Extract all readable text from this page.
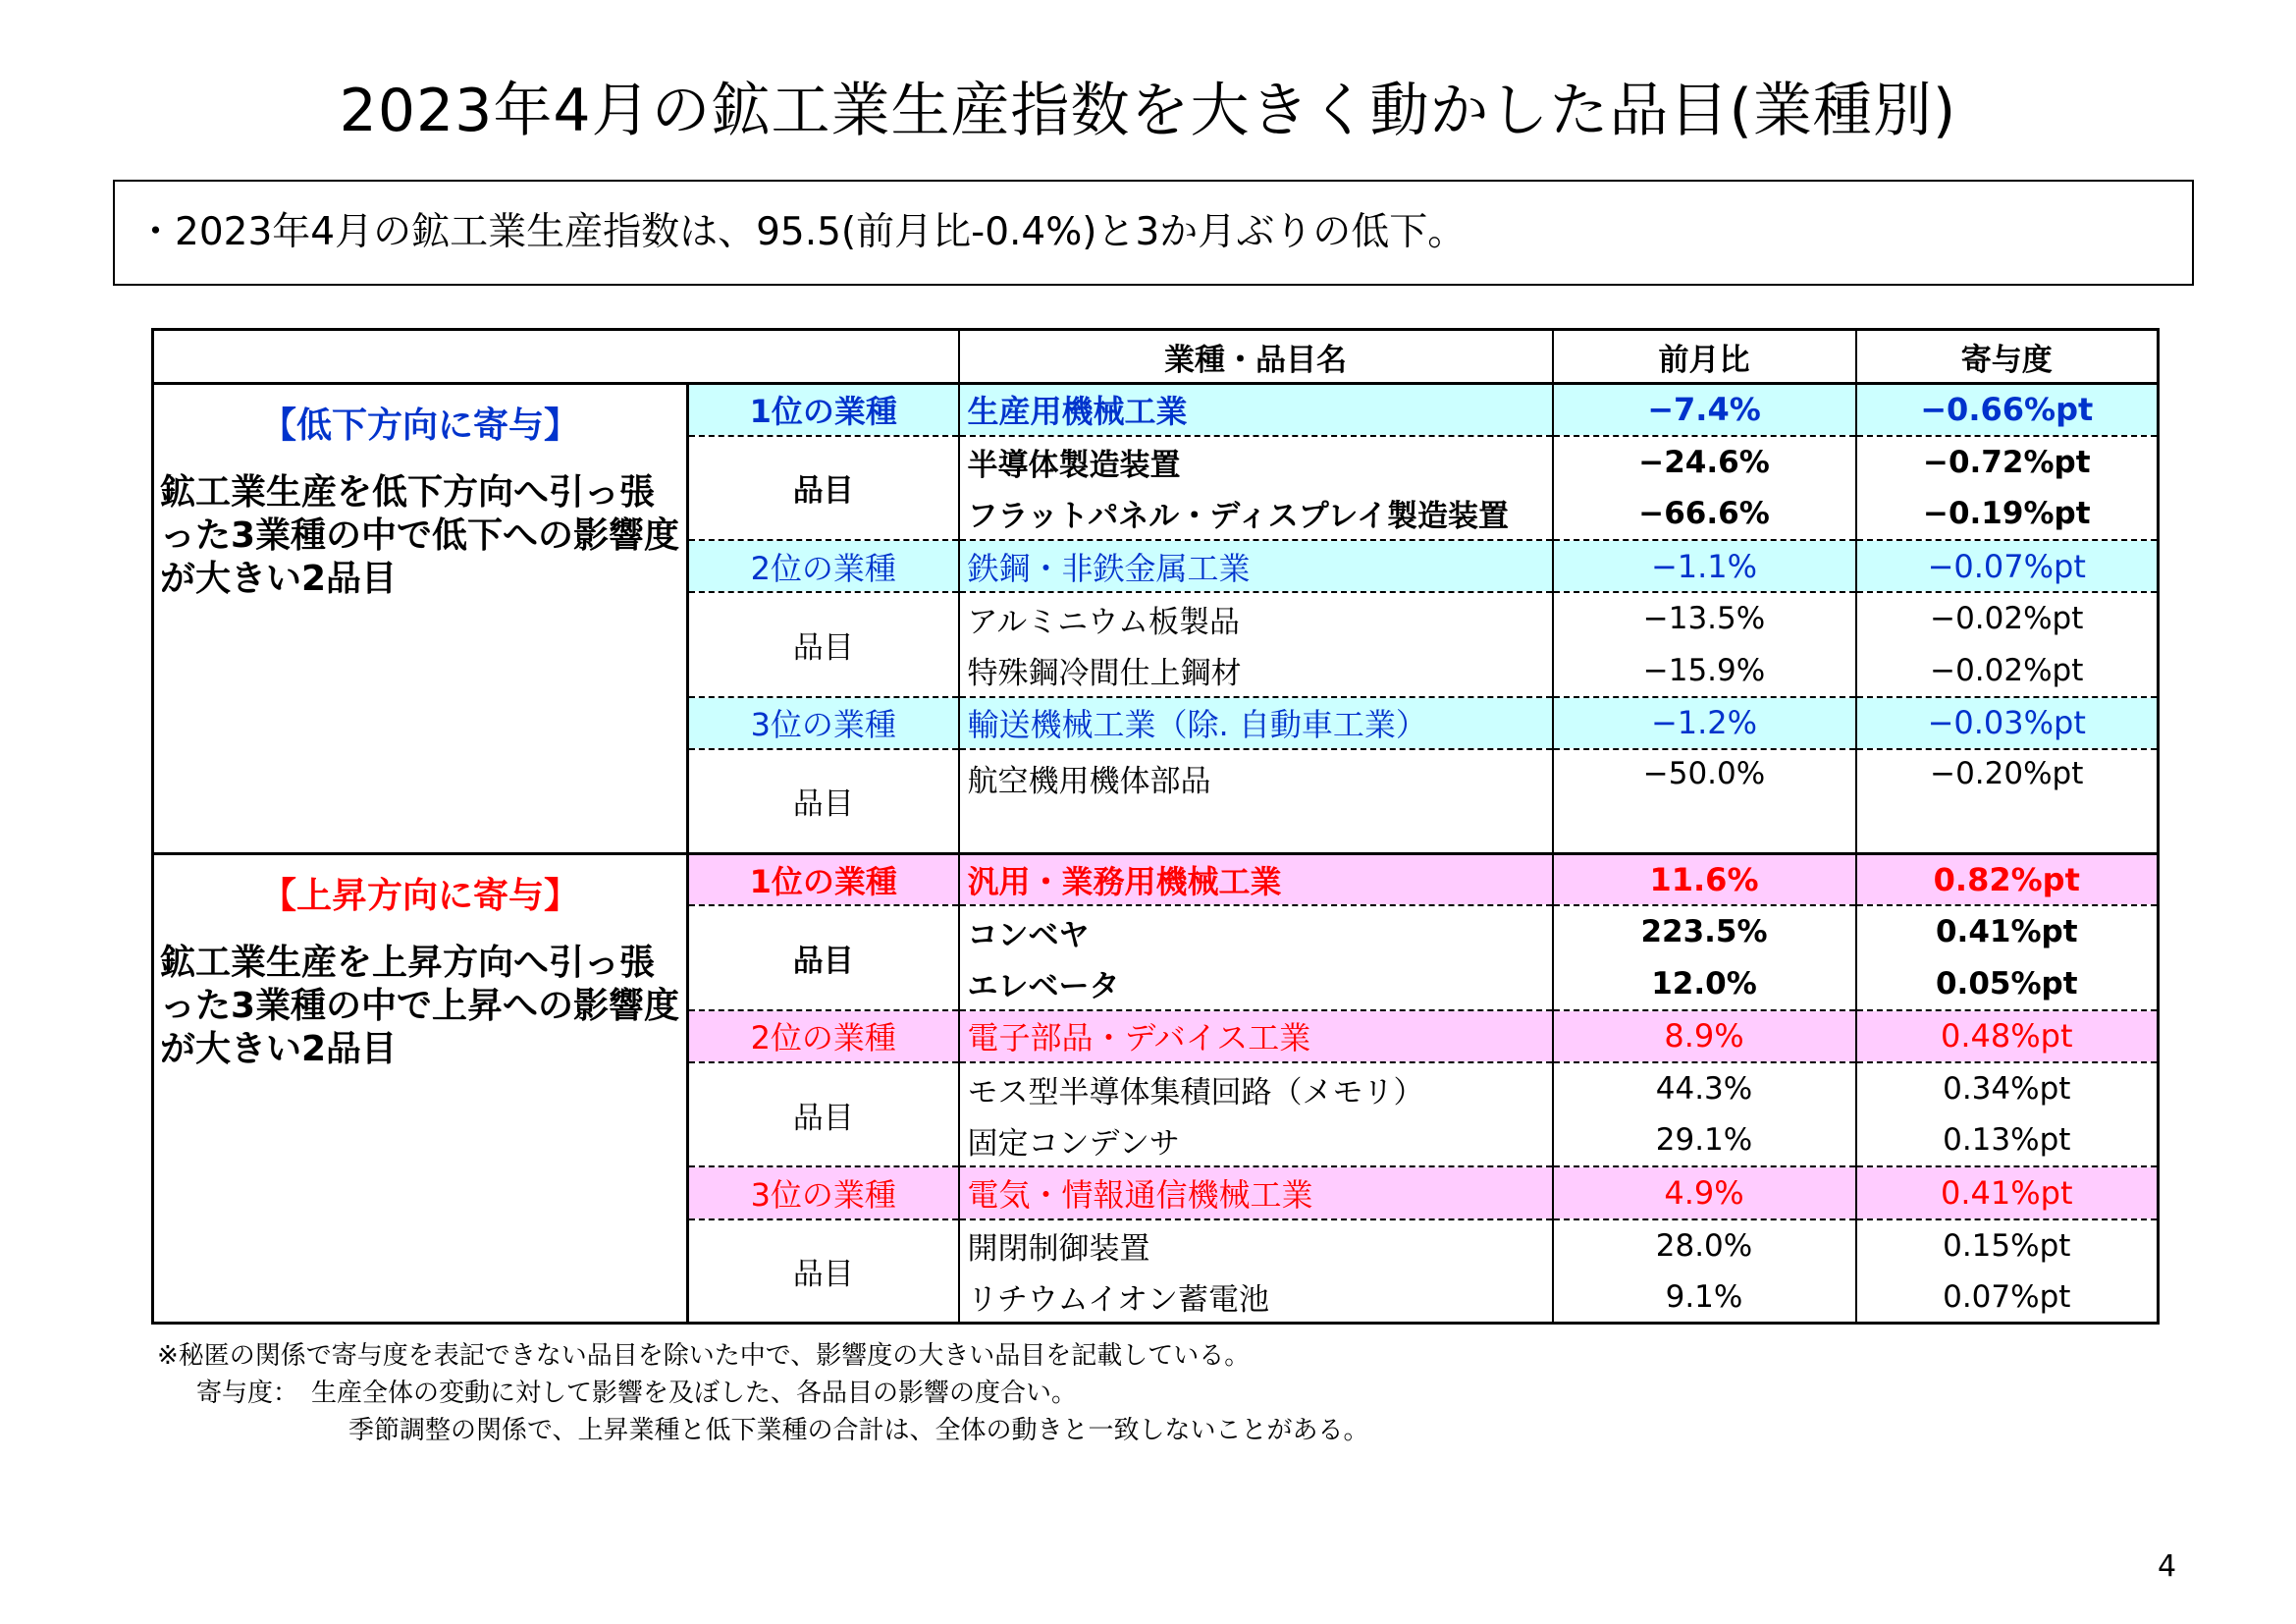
2023年4月の鉱工業生産指数を大きく動かした品目(業種別)
・2023年4月の鉱工業生産指数は、95.5(前月比-0.4%)と3か月ぶりの低下。
		業種・品目名	前月比	寄与度

【低下方向に寄与】
鉱工業生産を低下方向へ引っ張った3業種の中で低下への影響度が大きい2品目	1位の業種	生産用機械工業	−7.4%	−0.66%pt
	品目	半導体製造装置	−24.6%	−0.72%pt
		フラットパネル・ディスプレイ製造装置	−66.6%	−0.19%pt
	2位の業種	鉄鋼・非鉄金属工業	−1.1%	−0.07%pt
	品目	アルミニウム板製品	−13.5%	−0.02%pt
		特殊鋼冷間仕上鋼材	−15.9%	−0.02%pt
	3位の業種	輸送機械工業（除. 自動車工業）	−1.2%	−0.03%pt
	品目	航空機用機体部品	−50.0%	−0.20%pt

【上昇方向に寄与】
鉱工業生産を上昇方向へ引っ張った3業種の中で上昇への影響度が大きい2品目	1位の業種	汎用・業務用機械工業	11.6%	0.82%pt
	品目	コンベヤ	223.5%	0.41%pt
		エレベータ	12.0%	0.05%pt
	2位の業種	電子部品・デバイス工業	8.9%	0.48%pt
	品目	モス型半導体集積回路（メモリ）	44.3%	0.34%pt
		固定コンデンサ	29.1%	0.13%pt
	3位の業種	電気・情報通信機械工業	4.9%	0.41%pt
	品目	開閉制御装置	28.0%	0.15%pt
		リチウムイオン蓄電池	9.1%	0.07%pt
※秘匿の関係で寄与度を表記できない品目を除いた中で、影響度の大きい品目を記載している。
寄与度：　生産全体の変動に対して影響を及ぼした、各品目の影響の度合い。
季節調整の関係で、上昇業種と低下業種の合計は、全体の動きと一致しないことがある。
4
